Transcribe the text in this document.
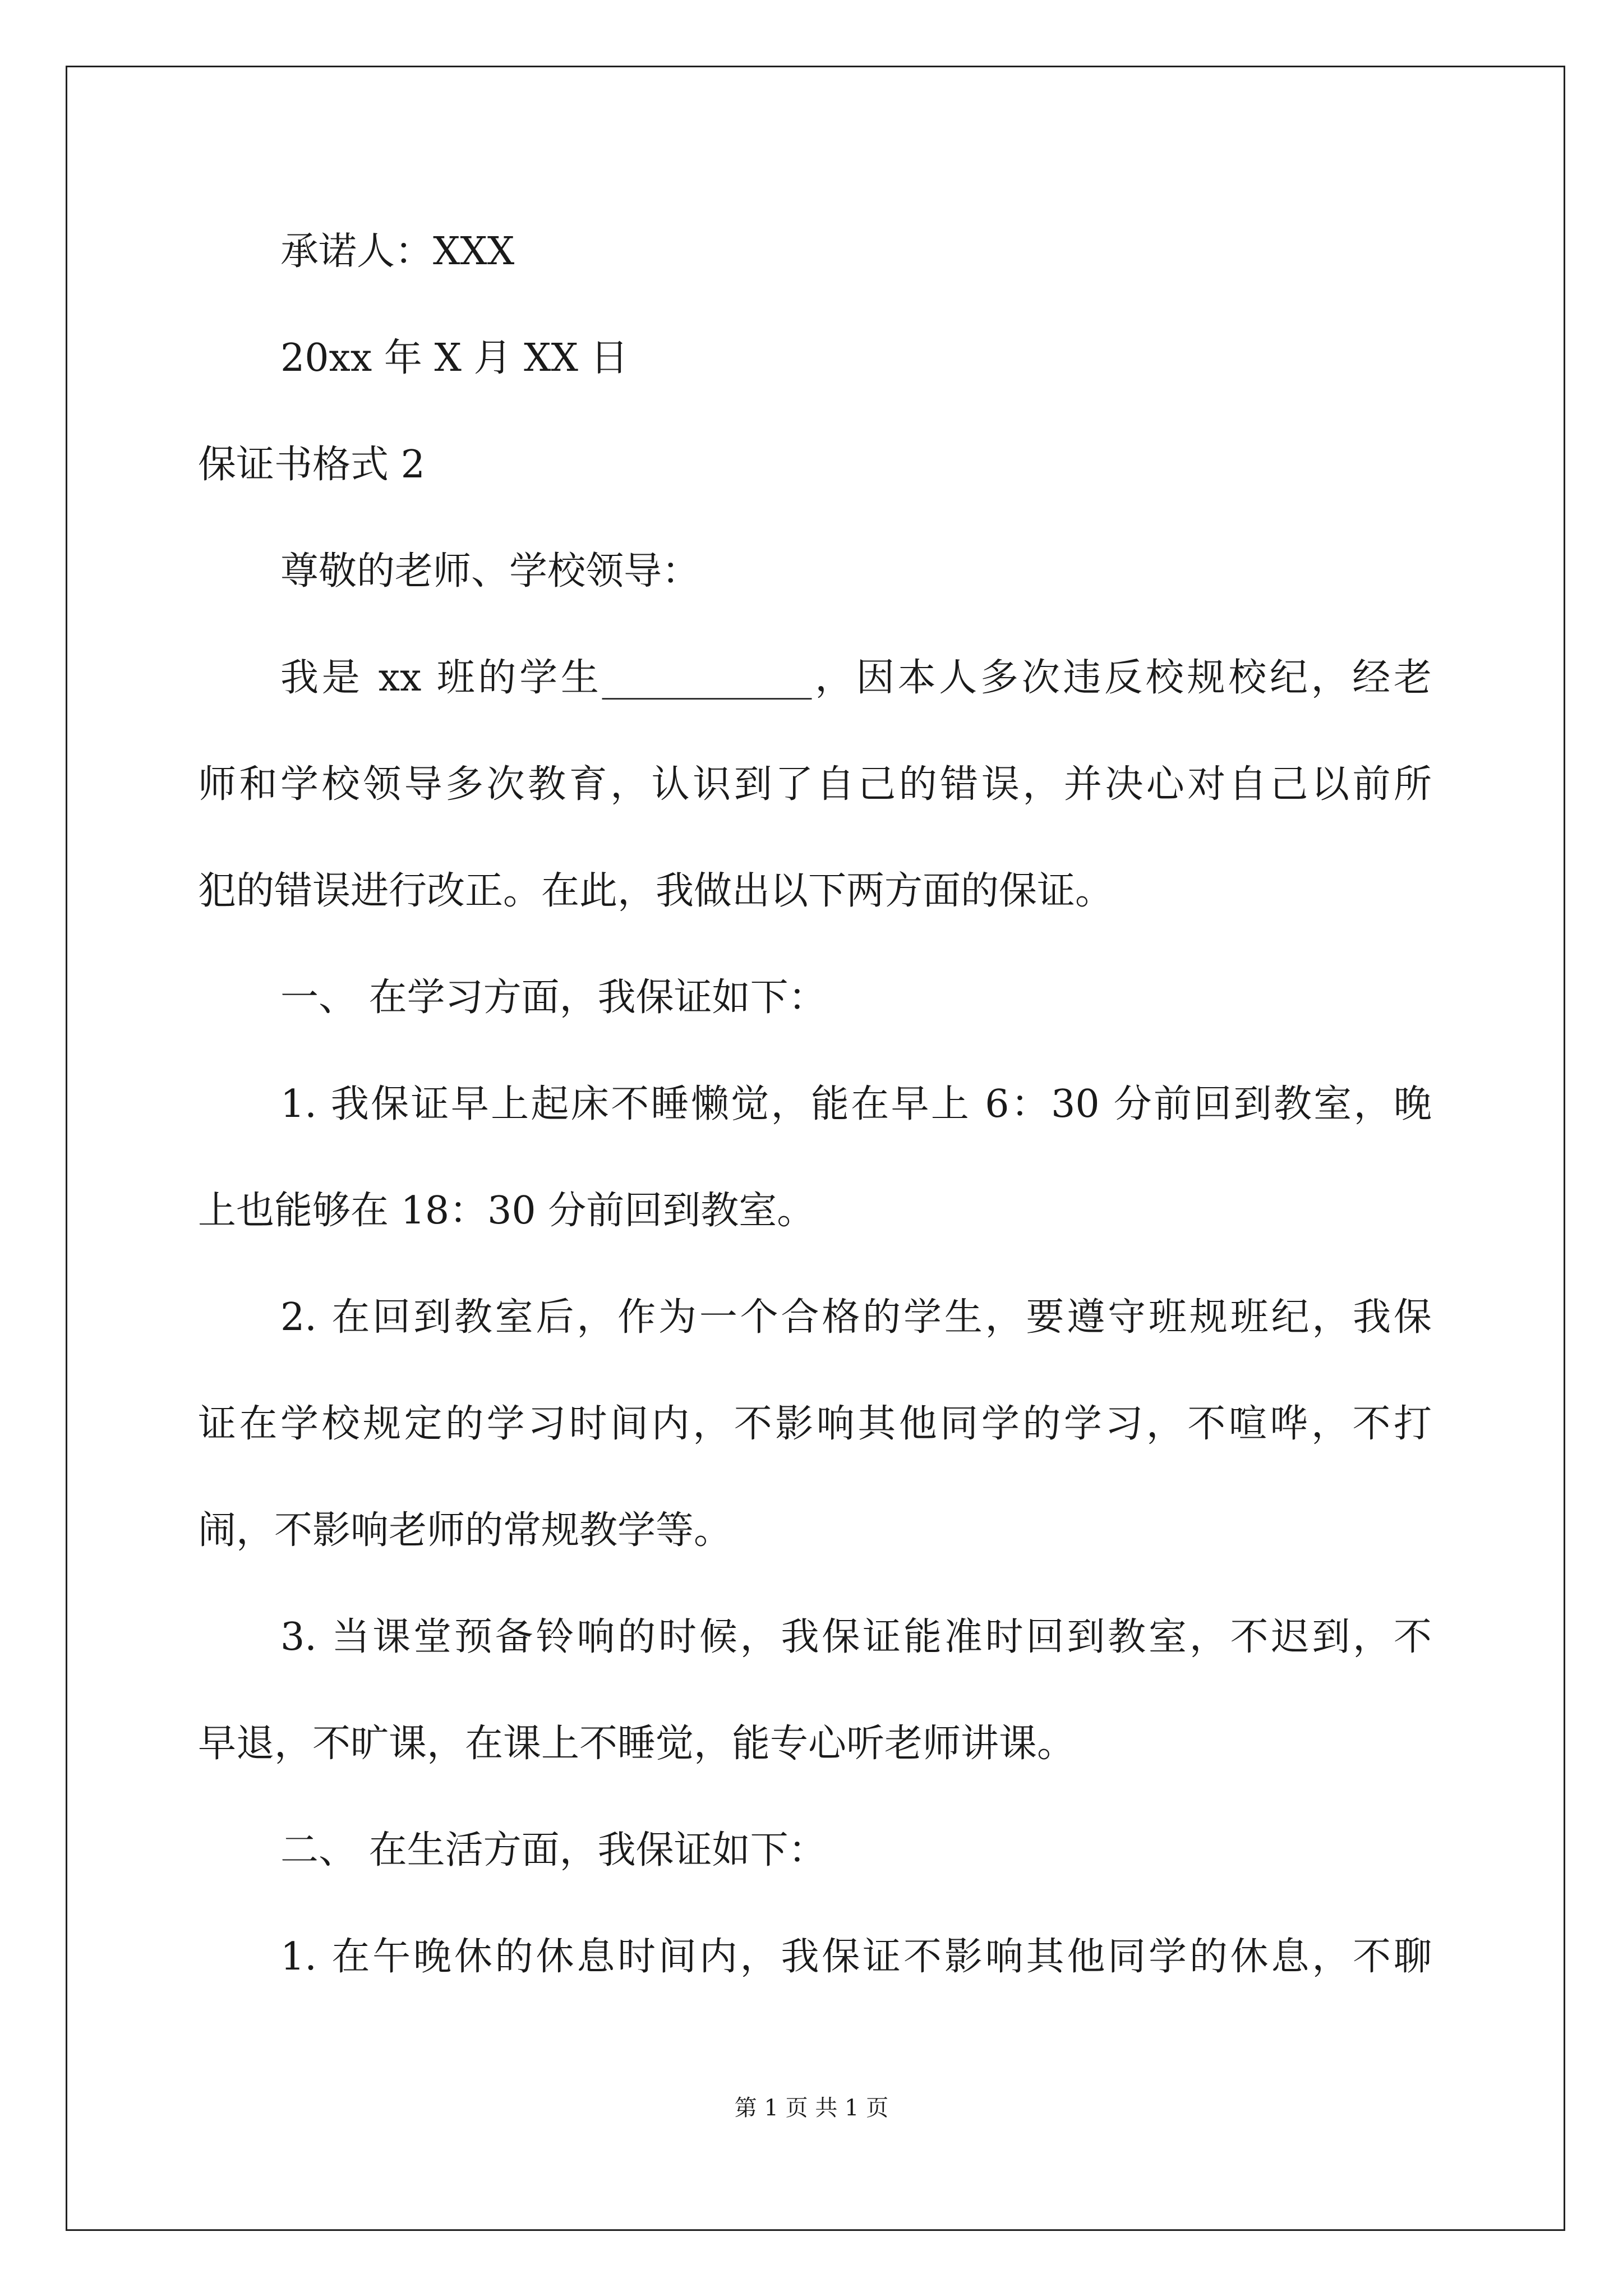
承诺人：XXX
20xx 年 X 月 XX 日
保证书格式 2
尊敬的老师、学校领导：
我是 xx 班的学生___________，因本人多次违反校规校纪，经老
师和学校领导多次教育，认识到了自己的错误，并决心对自己以前所
犯的错误进行改正。在此，我做出以下两方面的保证。
一、 在学习方面，我保证如下：
1. 我保证早上起床不睡懒觉，能在早上 6：30 分前回到教室，晚
上也能够在 18：30 分前回到教室。
2. 在回到教室后，作为一个合格的学生，要遵守班规班纪，我保
证在学校规定的学习时间内，不影响其他同学的学习，不喧哗，不打
闹，不影响老师的常规教学等。
3. 当课堂预备铃响的时候，我保证能准时回到教室，不迟到，不
早退，不旷课，在课上不睡觉，能专心听老师讲课。
二、 在生活方面，我保证如下：
1. 在午晚休的休息时间内，我保证不影响其他同学的休息，不聊
第 1 页 共 1 页
